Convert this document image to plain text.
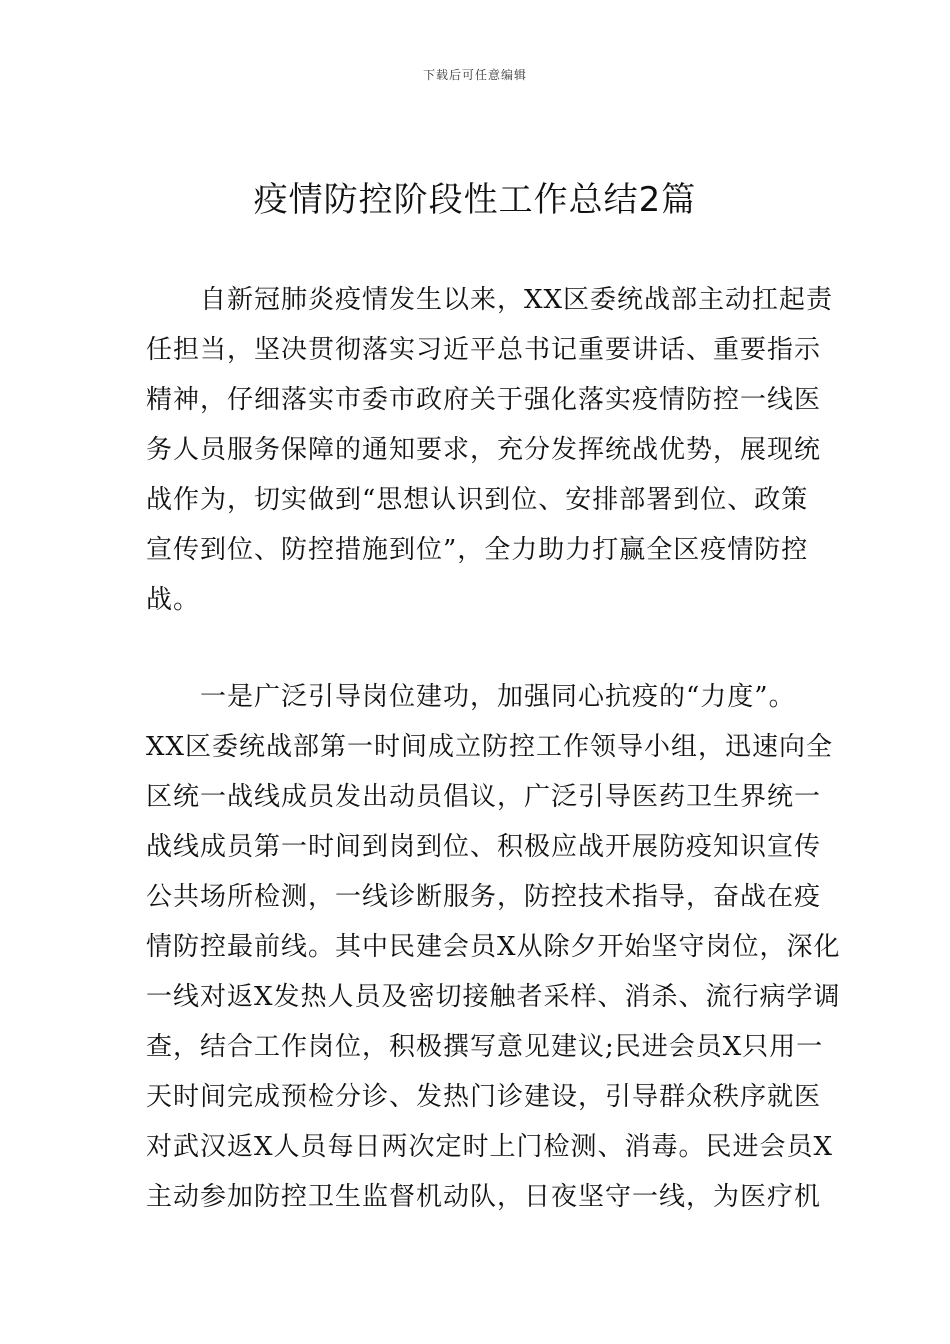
下载后可任意编辑
疫情防控阶段性工作总结2篇
　　自新冠肺炎疫情发生以来，XX区委统战部主动扛起责
任担当，坚决贯彻落实习近平总书记重要讲话、重要指示
精神，仔细落实市委市政府关于强化落实疫情防控一线医
务人员服务保障的通知要求，充分发挥统战优势，展现统
战作为，切实做到“思想认识到位、安排部署到位、政策
宣传到位、防控措施到位”，全力助力打赢全区疫情防控
战。
　　一是广泛引导岗位建功，加强同心抗疫的“力度”。
XX区委统战部第一时间成立防控工作领导小组，迅速向全
区统一战线成员发出动员倡议，广泛引导医药卫生界统一
战线成员第一时间到岗到位、积极应战开展防疫知识宣传
公共场所检测，一线诊断服务，防控技术指导，奋战在疫
情防控最前线。其中民建会员X从除夕开始坚守岗位，深化
一线对返X发热人员及密切接触者采样、消杀、流行病学调
查，结合工作岗位，积极撰写意见建议;民进会员X只用一
天时间完成预检分诊、发热门诊建设，引导群众秩序就医
对武汉返X人员每日两次定时上门检测、消毒。民进会员X
主动参加防控卫生监督机动队，日夜坚守一线，为医疗机
